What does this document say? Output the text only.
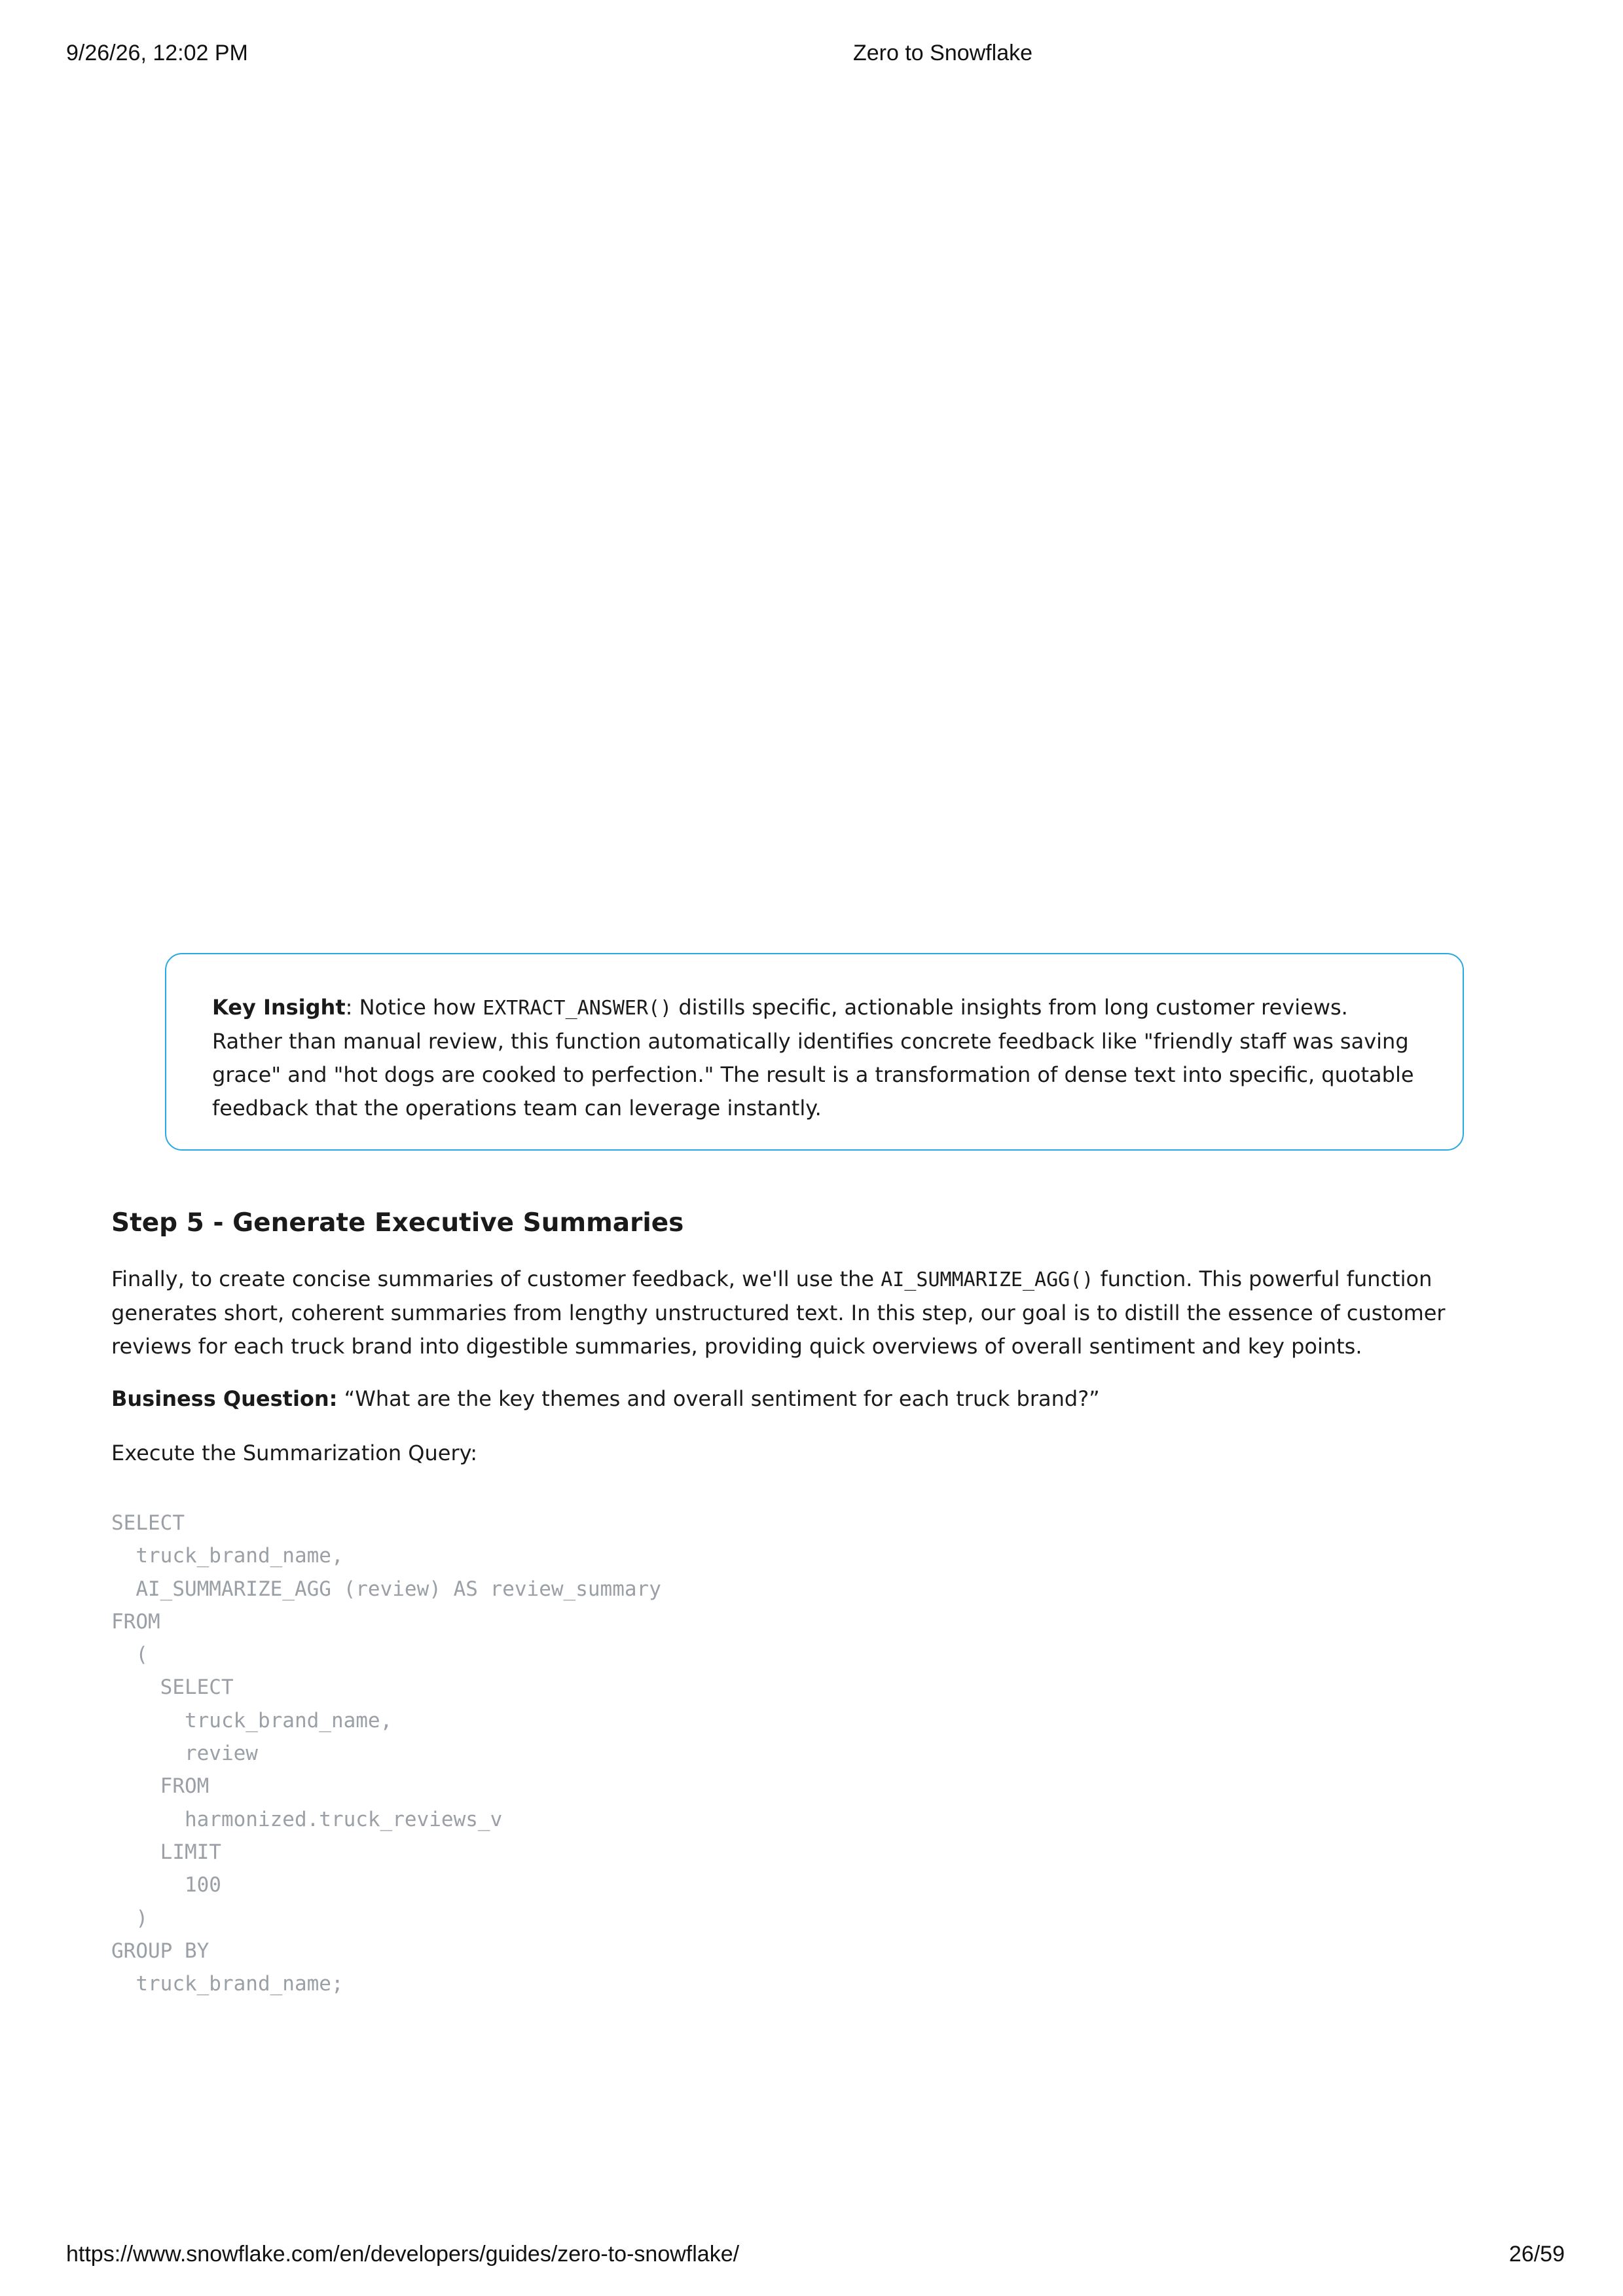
9/26/26, 12:02 PM	Zero to Snowflake
Key Insight: Notice how EXTRACT_ANSWER() distills specific, actionable insights from long customer reviews. Rather than manual review, this function automatically identifies concrete feedback like "friendly staff was saving grace" and "hot dogs are cooked to perfection." The result is a transformation of dense text into specific, quotable feedback that the operations team can leverage instantly.
Step 5 - Generate Executive Summaries

Finally, to create concise summaries of customer feedback, we'll use the AI_SUMMARIZE_AGG() function. This powerful function generates short, coherent summaries from lengthy unstructured text. In this step, our goal is to distill the essence of customer reviews for each truck brand into digestible summaries, providing quick overviews of overall sentiment and key points.

Business Question: “What are the key themes and overall sentiment for each truck brand?”

Execute the Summarization Query:

SELECT
truck_brand_name,
AI_SUMMARIZE_AGG (review) AS review_summary
FROM
(
SELECT
truck_brand_name,
review
FROM
harmonized.truck_reviews_v
LIMIT
100
)
GROUP BY
truck_brand_name;
https://www.snowflake.com/en/developers/guides/zero-to-snowflake/	26/59
